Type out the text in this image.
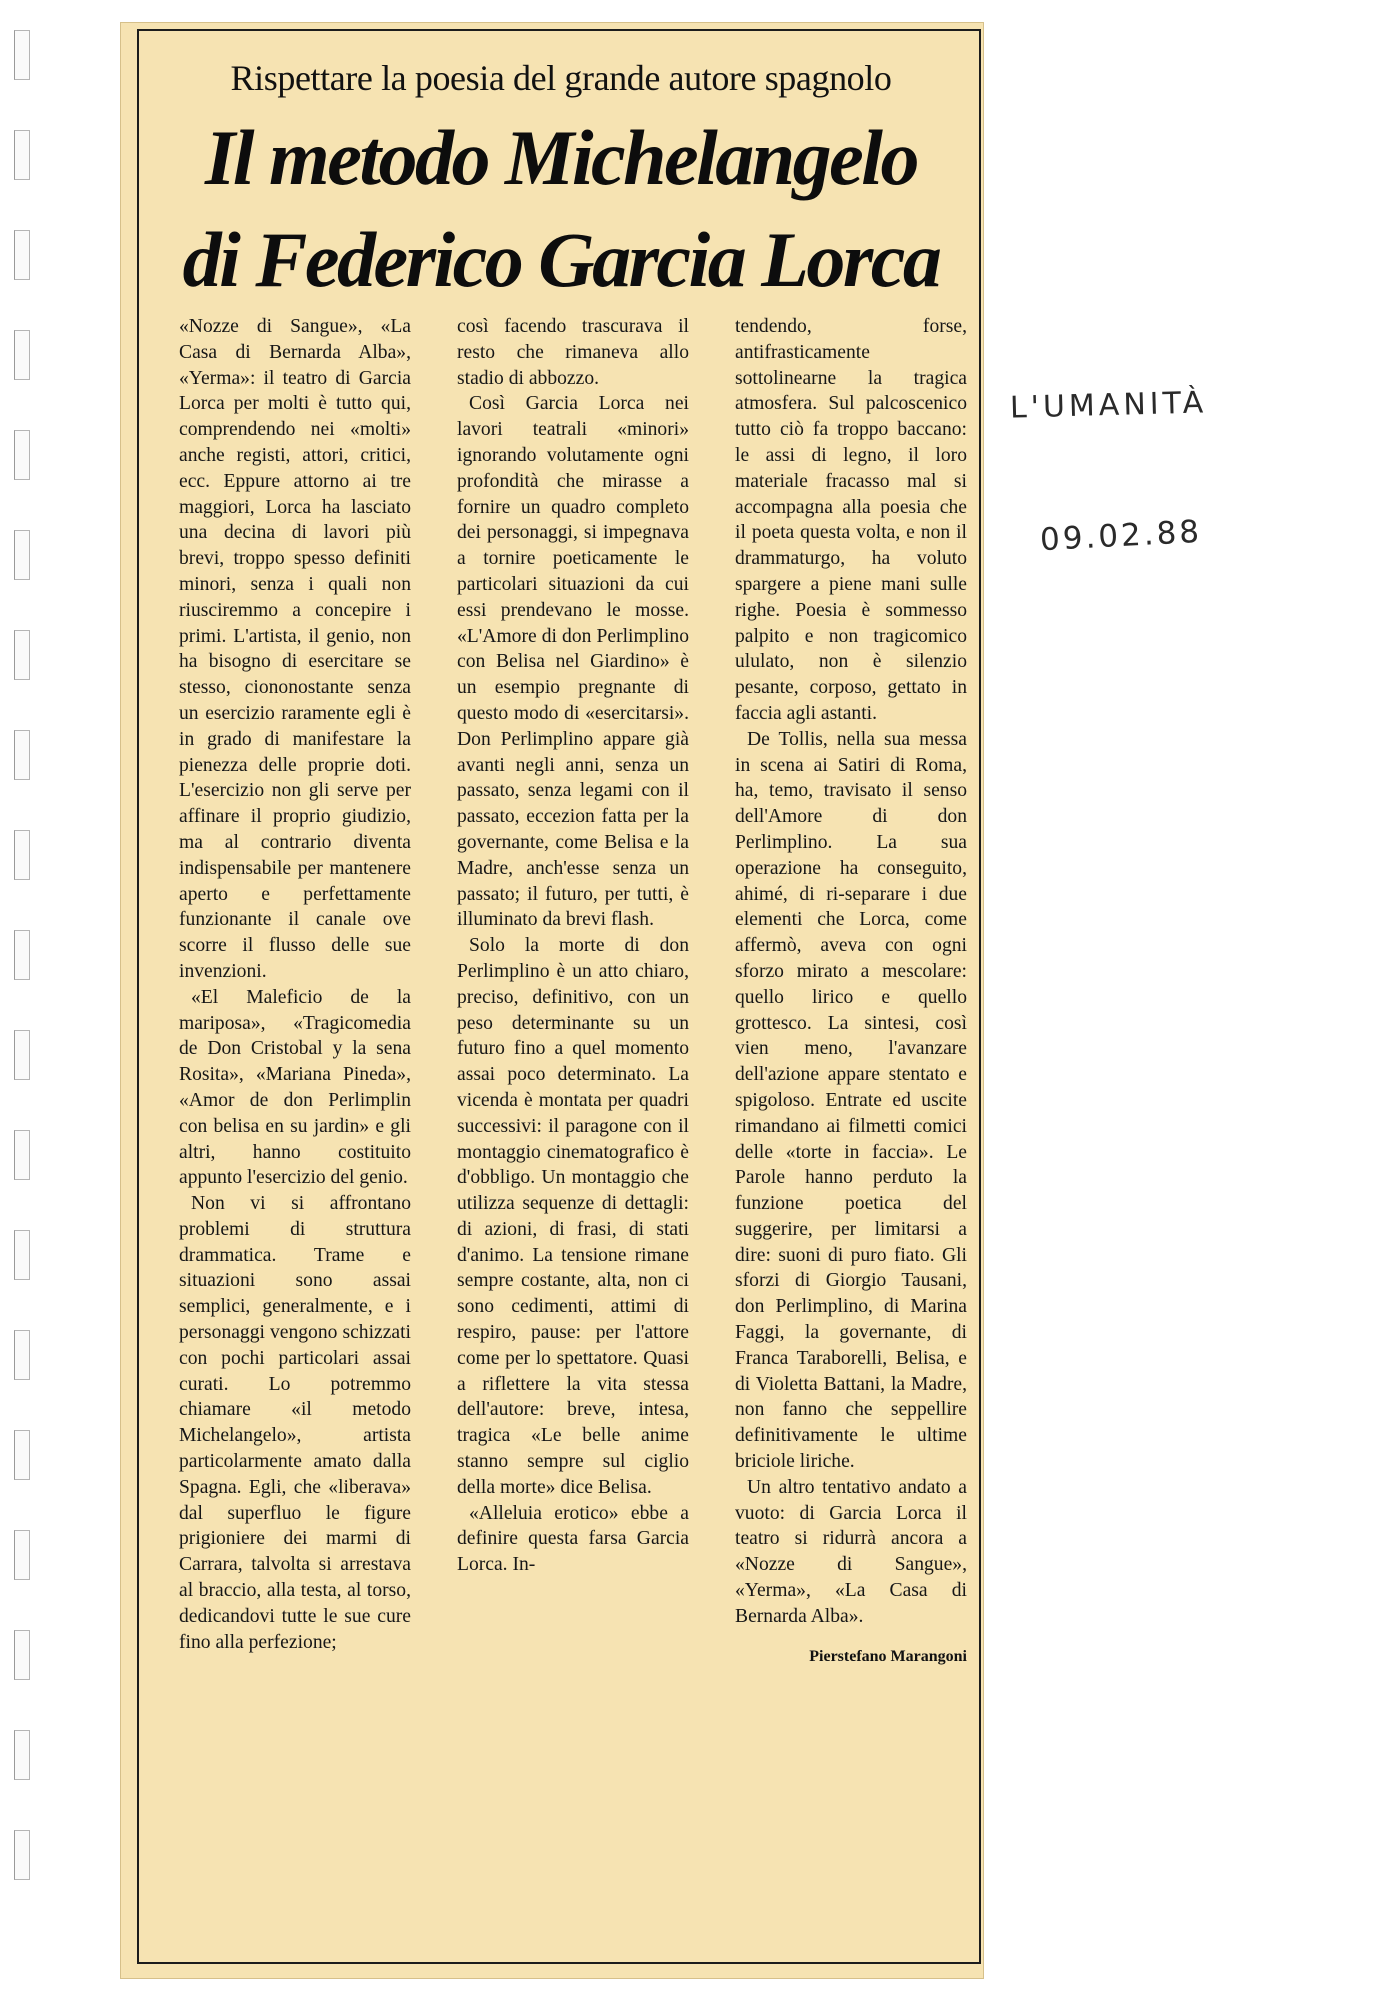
Rispettare la poesia del grande autore spagnolo
Il metodo Michelangelo
di Federico Garcia Lorca

«Nozze di Sangue», «La Casa di Bernarda Alba», «Yerma»: il teatro di Garcia Lorca per molti è tutto qui, comprendendo nei «molti» anche registi, attori, critici, ecc. Eppure attorno ai tre maggiori, Lorca ha lasciato una decina di lavori più brevi, troppo spesso definiti minori, senza i quali non riusciremmo a concepire i primi. L'artista, il genio, non ha bisogno di esercitare se stesso, ciononostante senza un esercizio raramente egli è in grado di manifestare la pienezza delle proprie doti. L'esercizio non gli serve per affinare il proprio giudizio, ma al contrario diventa indispensabile per mantenere aperto e perfettamente funzionante il canale ove scorre il flusso delle sue invenzioni.

«El Maleficio de la mariposa», «Tragicomedia de Don Cristobal y la sena Rosita», «Mariana Pineda», «Amor de don Perlimplin con belisa en su jardin» e gli altri, hanno costituito appunto l'esercizio del genio.

Non vi si affrontano problemi di struttura drammatica. Trame e situazioni sono assai semplici, generalmente, e i personaggi vengono schizzati con pochi particolari assai curati. Lo potremmo chiamare «il metodo Michelangelo», artista particolarmente amato dalla Spagna. Egli, che «liberava» dal superfluo le figure prigioniere dei marmi di Carrara, talvolta si arrestava al braccio, alla testa, al torso, dedicandovi tutte le sue cure fino alla perfezione;

così facendo trascurava il resto che rimaneva allo stadio di abbozzo.

Così Garcia Lorca nei lavori teatrali «minori» ignorando volutamente ogni profondità che mirasse a fornire un quadro completo dei personaggi, si impegnava a tornire poeticamente le particolari situazioni da cui essi prendevano le mosse. «L'Amore di don Perlimplino con Belisa nel Giardino» è un esempio pregnante di questo modo di «esercitarsi». Don Perlimplino appare già avanti negli anni, senza un passato, senza legami con il passato, eccezion fatta per la governante, come Belisa e la Madre, anch'esse senza un passato; il futuro, per tutti, è illuminato da brevi flash.

Solo la morte di don Perlimplino è un atto chiaro, preciso, definitivo, con un peso determinante su un futuro fino a quel momento assai poco determinato. La vicenda è montata per quadri successivi: il paragone con il montaggio cinematografico è d'obbligo. Un montaggio che utilizza sequenze di dettagli: di azioni, di frasi, di stati d'animo. La tensione rimane sempre costante, alta, non ci sono cedimenti, attimi di respiro, pause: per l'attore come per lo spettatore. Quasi a riflettere la vita stessa dell'autore: breve, intesa, tragica «Le belle anime stanno sempre sul ciglio della morte» dice Belisa.

«Alleluia erotico» ebbe a definire questa farsa Garcia Lorca. In-

tendendo, forse, antifrasticamente sottolinearne la tragica atmosfera. Sul palcoscenico tutto ciò fa troppo baccano: le assi di legno, il loro materiale fracasso mal si accompagna alla poesia che il poeta questa volta, e non il drammaturgo, ha voluto spargere a piene mani sulle righe. Poesia è sommesso palpito e non tragicomico ululato, non è silenzio pesante, corposo, gettato in faccia agli astanti.

De Tollis, nella sua messa in scena ai Satiri di Roma, ha, temo, travisato il senso dell'Amore di don Perlimplino. La sua operazione ha conseguito, ahimé, di ri-separare i due elementi che Lorca, come affermò, aveva con ogni sforzo mirato a mescolare: quello lirico e quello grottesco. La sintesi, così vien meno, l'avanzare dell'azione appare stentato e spigoloso. Entrate ed uscite rimandano ai filmetti comici delle «torte in faccia». Le Parole hanno perduto la funzione poetica del suggerire, per limitarsi a dire: suoni di puro fiato. Gli sforzi di Giorgio Tausani, don Perlimplino, di Marina Faggi, la governante, di Franca Taraborelli, Belisa, e di Violetta Battani, la Madre, non fanno che seppellire definitivamente le ultime briciole liriche.

Un altro tentativo andato a vuoto: di Garcia Lorca il teatro si ridurrà ancora a «Nozze di Sangue», «Yerma», «La Casa di Bernarda Alba».

Pierstefano Marangoni
L'UMANITÀ
09.02.88
